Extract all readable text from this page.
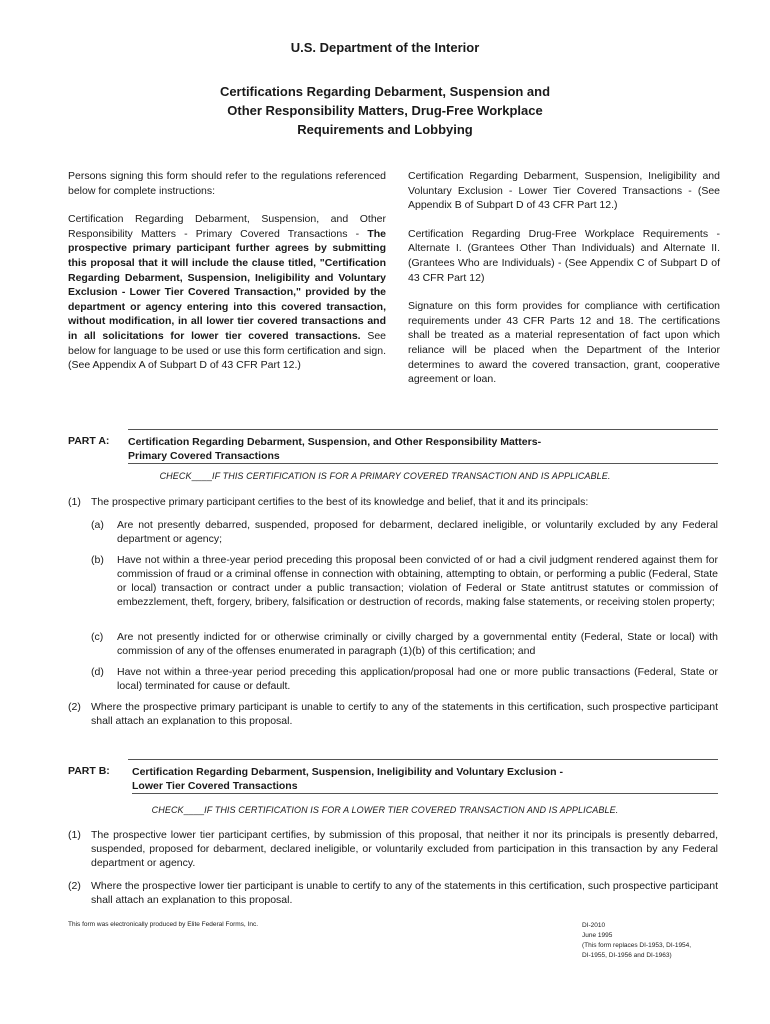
U.S. Department of the Interior
Certifications Regarding Debarment, Suspension and
Other Responsibility Matters, Drug-Free Workplace
Requirements and Lobbying

Persons signing this form should refer to the regulations referenced below for complete instructions:

Certification Regarding Debarment, Suspension, and Other Responsibility Matters - Primary Covered Transactions - The prospective primary participant further agrees by submitting this proposal that it will include the clause titled, "Certification Regarding Debarment, Suspension, Ineligibility and Voluntary Exclusion - Lower Tier Covered Transaction," provided by the department or agency entering into this covered transaction, without modification, in all lower tier covered transactions and in all solicitations for lower tier covered transactions. See below for language to be used or use this form certification and sign. (See Appendix A of Subpart D of 43 CFR Part 12.)

Certification Regarding Debarment, Suspension, Ineligibility and Voluntary Exclusion - Lower Tier Covered Transactions - (See Appendix B of Subpart D of 43 CFR Part 12.)

Certification Regarding Drug-Free Workplace Requirements - Alternate I. (Grantees Other Than Individuals) and Alternate II. (Grantees Who are Individuals) - (See Appendix C of Subpart D of 43 CFR Part 12)

Signature on this form provides for compliance with certification requirements under 43 CFR Parts 12 and 18. The certifications shall be treated as a material representation of fact upon which reliance will be placed when the Department of the Interior determines to award the covered transaction, grant, cooperative agreement or loan.

PART A: Certification Regarding Debarment, Suspension, and Other Responsibility Matters-
Primary Covered Transactions
CHECK____IF THIS CERTIFICATION IS FOR A PRIMARY COVERED TRANSACTION AND IS APPLICABLE.
(1) The prospective primary participant certifies to the best of its knowledge and belief, that it and its principals:
(a) Are not presently debarred, suspended, proposed for debarment, declared ineligible, or voluntarily excluded by any Federal department or agency;
(b) Have not within a three-year period preceding this proposal been convicted of or had a civil judgment rendered against them for commission of fraud or a criminal offense in connection with obtaining, attempting to obtain, or performing a public (Federal, State or local) transaction or contract under a public transaction; violation of Federal or State antitrust statutes or commission of embezzlement, theft, forgery, bribery, falsification or destruction of records, making false statements, or receiving stolen property;
(c) Are not presently indicted for or otherwise criminally or civilly charged by a governmental entity (Federal, State or local) with commission of any of the offenses enumerated in paragraph (1)(b) of this certification; and
(d) Have not within a three-year period preceding this application/proposal had one or more public transactions (Federal, State or local) terminated for cause or default.
(2) Where the prospective primary participant is unable to certify to any of the statements in this certification, such prospective participant shall attach an explanation to this proposal.
PART B: Certification Regarding Debarment, Suspension, Ineligibility and Voluntary Exclusion -
Lower Tier Covered Transactions
CHECK____IF THIS CERTIFICATION IS FOR A LOWER TIER COVERED TRANSACTION AND IS APPLICABLE.
(1) The prospective lower tier participant certifies, by submission of this proposal, that neither it nor its principals is presently debarred, suspended, proposed for debarment, declared ineligible, or voluntarily excluded from participation in this transaction by any Federal department or agency.
(2) Where the prospective lower tier participant is unable to certify to any of the statements in this certification, such prospective participant shall attach an explanation to this proposal.
This form was electronically produced by Elite Federal Forms, Inc.	DI-2010
June 1995
(This form replaces DI-1953, DI-1954,
DI-1955, DI-1956 and DI-1963)
